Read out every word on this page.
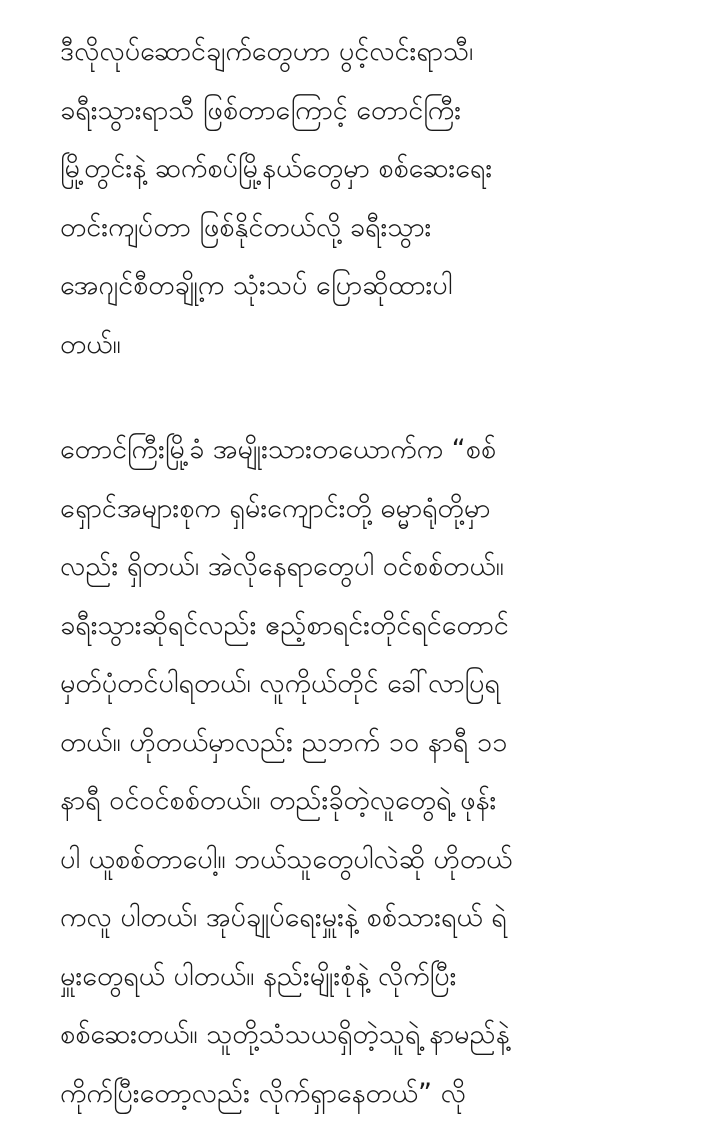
ဒီလိုလုပ်ဆောင်ချက်တွေဟာ ပွင့်လင်းရာသီ၊
ခရီးသွားရာသီ ဖြစ်တာကြောင့် တောင်ကြီး
မြို့တွင်းနဲ့ ဆက်စပ်မြို့နယ်တွေမှာ စစ်ဆေးရေး
တင်းကျပ်တာ ဖြစ်နိုင်တယ်လို့ ခရီးသွား
အေဂျင်စီတချို့က သုံးသပ် ပြောဆိုထားပါ
တယ်။
တောင်ကြီးမြို့ခံ အမျိုးသားတယောက်က “စစ်
ရှောင်အများစုက ရှမ်းကျောင်းတို့ ဓမ္မာရုံတို့မှာ
လည်း ရှိတယ်၊ အဲလိုနေရာတွေပါ ဝင်စစ်တယ်။
ခရီးသွားဆိုရင်လည်း ဧည့်စာရင်းတိုင်ရင်တောင်
မှတ်ပုံတင်ပါရတယ်၊ လူကိုယ်တိုင် ခေါ်လာပြရ
တယ်။ ဟိုတယ်မှာလည်း ညဘက် ၁၀ နာရီ ၁၁
နာရီ ဝင်ဝင်စစ်တယ်။ တည်းခိုတဲ့လူတွေရဲ့ ဖုန်း
ပါ ယူစစ်တာပေါ့။ ဘယ်သူတွေပါလဲဆို ဟိုတယ်
ကလူ ပါတယ်၊ အုပ်ချုပ်ရေးမှူးနဲ့ စစ်သားရယ် ရဲ
မှူးတွေရယ် ပါတယ်။ နည်းမျိုးစုံနဲ့ လိုက်ပြီး
စစ်ဆေးတယ်။ သူတို့သံသယရှိတဲ့သူရဲ့ နာမည်နဲ့
ကိုက်ပြီးတော့လည်း လိုက်ရှာနေတယ်” လို
